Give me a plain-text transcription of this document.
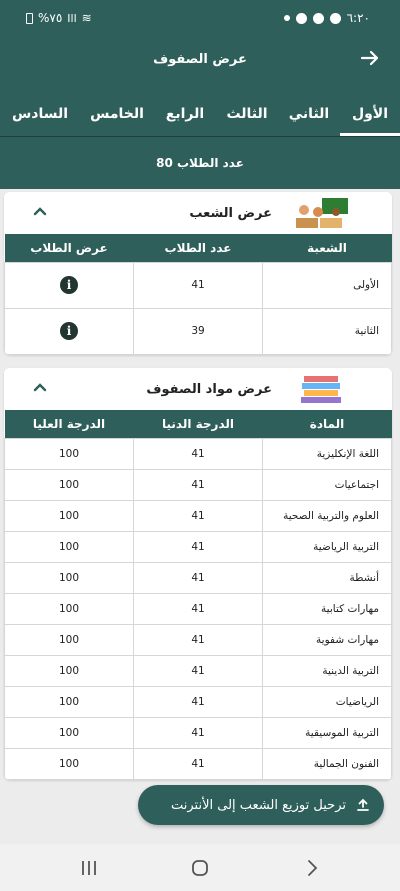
%٧٥ Ill ≋	٦:٢٠
عرض الصفوف
الأول
الثاني
الثالث
الرابع
الخامس
السادس
عدد الطلاب 80
عرض الشعب
الشعبة	عدد الطلاب	عرض الطلاب
الأولى	41	i
الثانية	39	i
عرض مواد الصفوف
المادة	الدرجة الدنيا	الدرجة العليا
اللغة الإنكليزية	41	100
اجتماعيات	41	100
العلوم والتربية الصحية	41	100
التربية الرياضية	41	100
أنشطة	41	100
مهارات كتابية	41	100
مهارات شفوية	41	100
التربية الدينية	41	100
الرياضيات	41	100
التربية الموسيقية	41	100
الفنون الجمالية	41	100
ترحيل توزيع الشعب إلى الأنترنت
